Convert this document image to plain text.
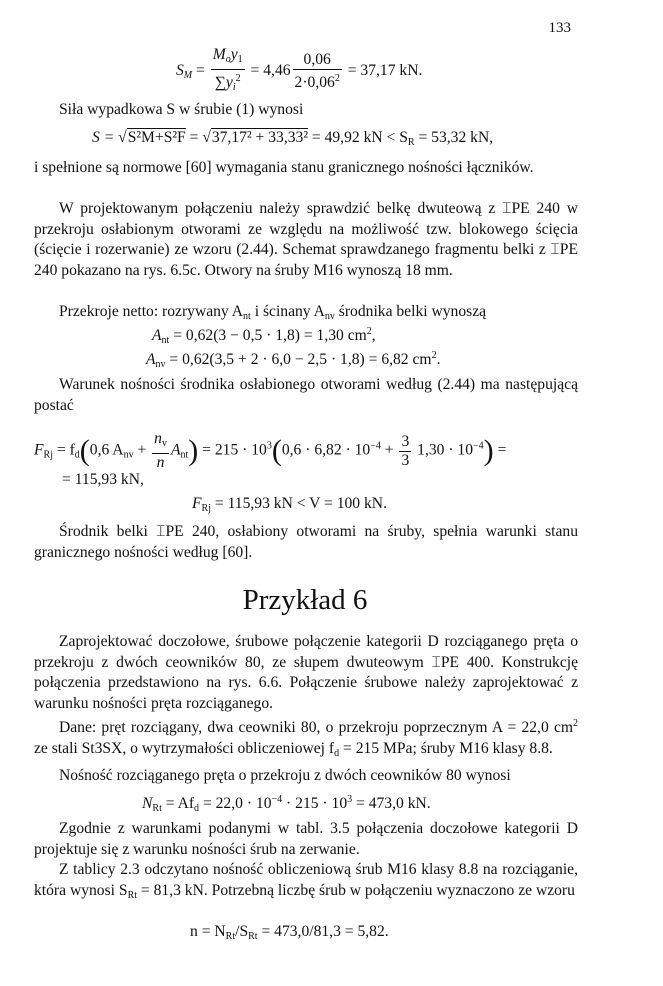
133
$S_M = \frac{M_oy_1}{\sum y_i^2} = 4,46 \frac{0,06}{2\cdot 0,06^2} = 37,17$ kN.

Siła wypadkowa S w śrubie (1) wynosi

S = √S²M+S²F = √37,17² + 33,33² = 49,92 kN < $S_R = 53,32$ kN,

i spełnione są normowe [60] wymagania stanu granicznego nośności łączników.

W projektowanym połączeniu należy sprawdzić belkę dwuteową z ⌶PE 240 w przekroju osłabionym otworami ze względu na możliwość tzw. blokowego ścięcia (ścięcie i rozerwanie) ze wzoru (2.44). Schemat sprawdzanego fragmentu belki z ⌶PE 240 pokazano na rys. 6.5c. Otwory na śruby M16 wynoszą 18 mm.

Przekroje netto: rozrywany $A_{nt}$ i ścinany $A_{nv}$ środnika belki wynoszą

$A_{nt} = 0,62(3 - 0,5 \cdot 1,8) = 1,30$ $cm^2$,
$A_{nv} = 0,62(3,5 + 2 \cdot 6,0 - 2,5 \cdot 1,8) = 6,82$ $cm^2$.

Warunek nośności środnika osłabionego otworami według (2.44) ma następującą postać

$F_{Rj} = f_d(0,6$ $A_{nv} + \frac{n_v}{n} A_{nt}) = 215 \cdot 10^3(0,6 \cdot 6,82 \cdot 10^{-4} + \frac{3}{3} 1,30 \cdot 10^{-4})$ =
= 115,93 kN,
$F_{Rj} = 115,93$ kN < V = 100 kN.

Środnik belki ⌶PE 240, osłabiony otworami na śruby, spełnia warunki stanu granicznego nośności według [60].

Przykład 6

Zaprojektować doczołowe, śrubowe połączenie kategorii D rozciąganego pręta o przekroju z dwóch ceowników 80, ze słupem dwuteowym ⌶PE 400. Konstrukcję połączenia przedstawiono na rys. 6.6. Połączenie śrubowe należy zaprojektować z warunku nośności pręta rozciąganego.

Dane: pręt rozciągany, dwa ceowniki 80, o przekroju poprzecznym A = 22,0 $cm^2$ ze stali St3SX, o wytrzymałości obliczeniowej $f_d = 215$ MPa; śruby M16 klasy 8.8.

Nośność rozciąganego pręta o przekroju z dwóch ceowników 80 wynosi

$N_{Rt} = Af_d = 22,0 \cdot 10^{-4} \cdot 215 \cdot 10^3 = 473,0$ kN.

Zgodnie z warunkami podanymi w tabl. 3.5 połączenia doczołowe kategorii D projektuje się z warunku nośności śrub na zerwanie.

Z tablicy 2.3 odczytano nośność obliczeniową śrub M16 klasy 8.8 na rozciąganie, która wynosi $S_{Rt} = 81,3$ kN. Potrzebną liczbę śrub w połączeniu wyznaczono ze wzoru

$n = N_{Rt}/S_{Rt} = 473,0/81,3 = 5,82$.
